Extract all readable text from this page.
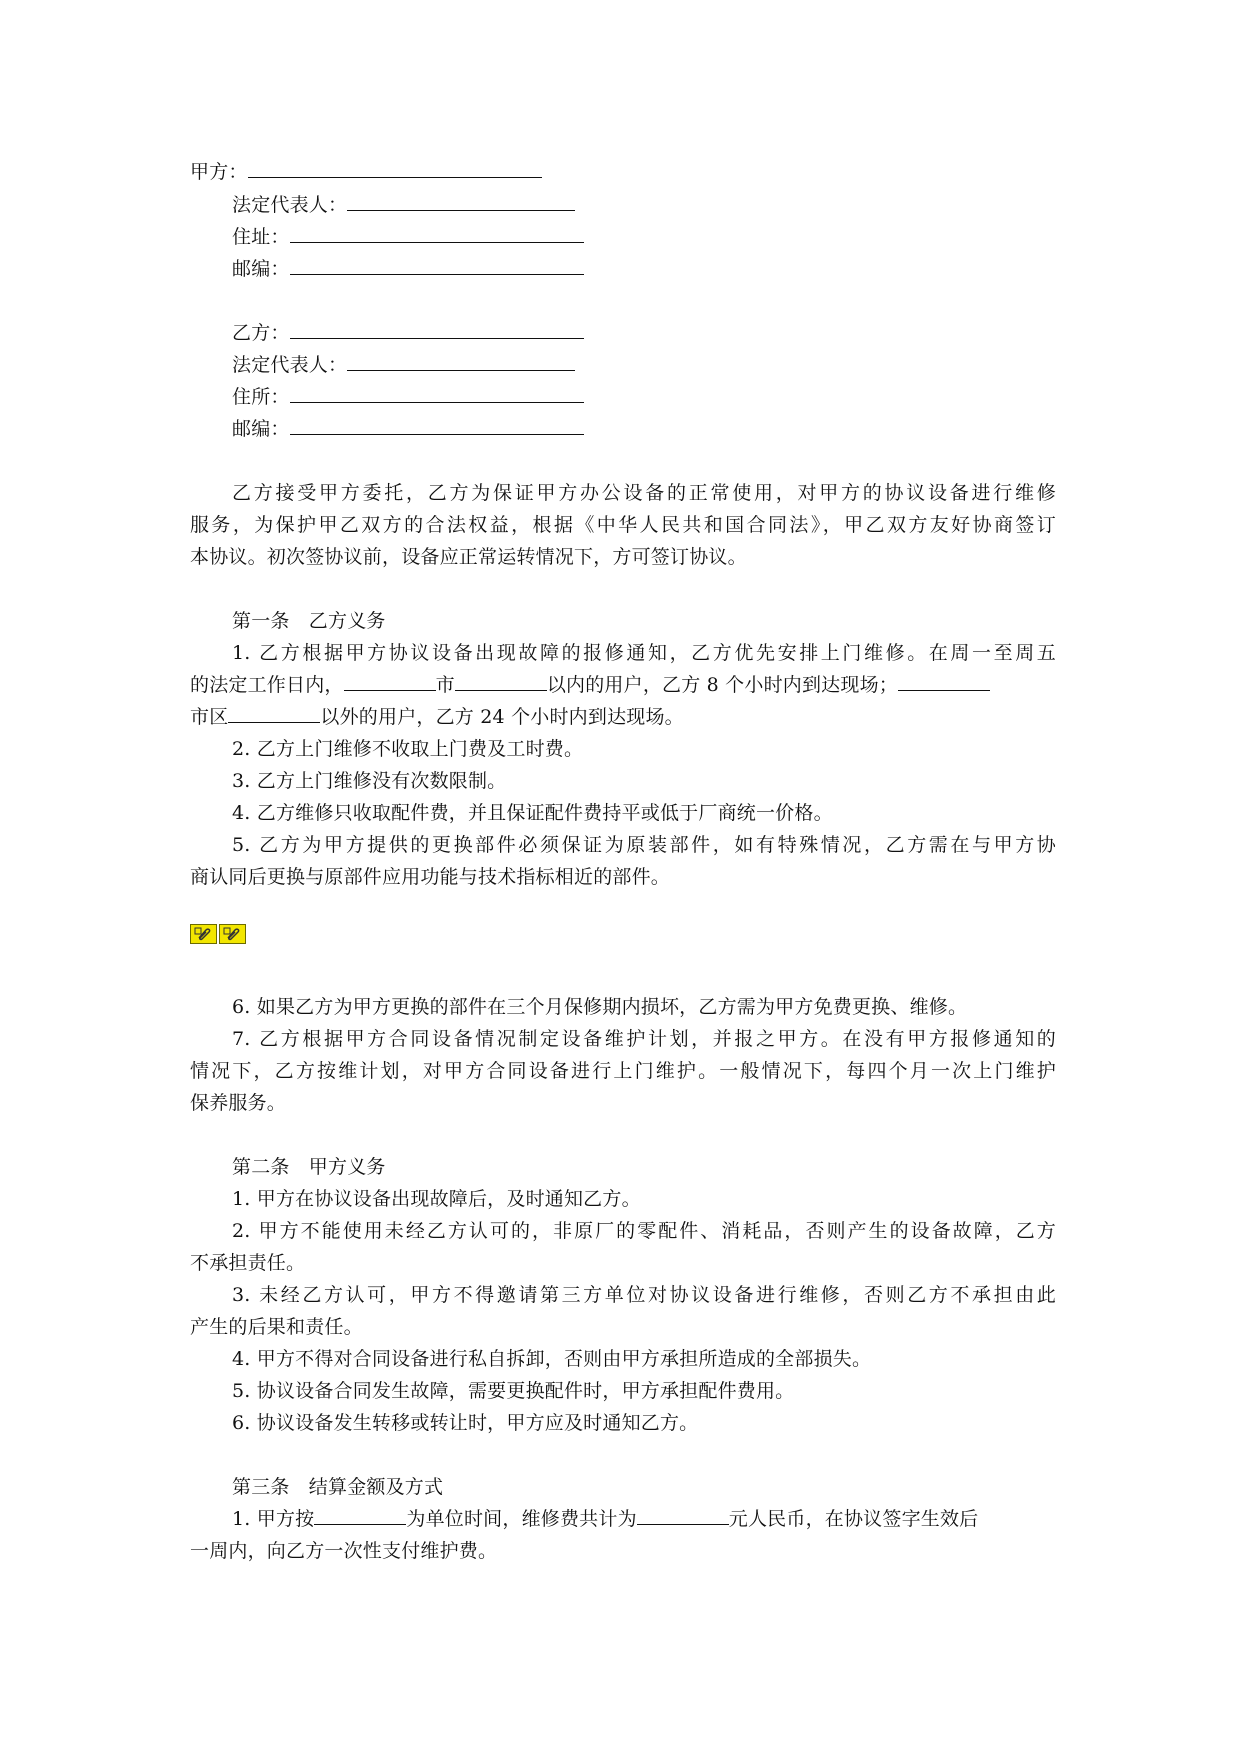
甲方：
法定代表人：
住址：
邮编：
乙方：
法定代表人：
住所：
邮编：
乙方接受甲方委托，乙方为保证甲方办公设备的正常使用，对甲方的协议设备进行维修
服务，为保护甲乙双方的合法权益，根据《中华人民共和国合同法》，甲乙双方友好协商签订
本协议。初次签协议前，设备应正常运转情况下，方可签订协议。
第一条　乙方义务
1. 乙方根据甲方协议设备出现故障的报修通知，乙方优先安排上门维修。在周一至周五
的法定工作日内，	市	以内的用户，乙方 8 个小时内到达现场；
市区	以外的用户，乙方 24 个小时内到达现场。
2. 乙方上门维修不收取上门费及工时费。
3. 乙方上门维修没有次数限制。
4. 乙方维修只收取配件费，并且保证配件费持平或低于厂商统一价格。
5. 乙方为甲方提供的更换部件必须保证为原装部件，如有特殊情况，乙方需在与甲方协
商认同后更换与原部件应用功能与技术指标相近的部件。
6. 如果乙方为甲方更换的部件在三个月保修期内损坏，乙方需为甲方免费更换、维修。
7. 乙方根据甲方合同设备情况制定设备维护计划，并报之甲方。在没有甲方报修通知的
情况下，乙方按维计划，对甲方合同设备进行上门维护。一般情况下，每四个月一次上门维护
保养服务。
第二条　甲方义务
1. 甲方在协议设备出现故障后，及时通知乙方。
2. 甲方不能使用未经乙方认可的，非原厂的零配件、消耗品，否则产生的设备故障，乙方
不承担责任。
3. 未经乙方认可，甲方不得邀请第三方单位对协议设备进行维修，否则乙方不承担由此
产生的后果和责任。
4. 甲方不得对合同设备进行私自拆卸，否则由甲方承担所造成的全部损失。
5. 协议设备合同发生故障，需要更换配件时，甲方承担配件费用。
6. 协议设备发生转移或转让时，甲方应及时通知乙方。
第三条　结算金额及方式
1. 甲方按	为单位时间，维修费共计为	元人民币，在协议签字生效后
一周内，向乙方一次性支付维护费。
